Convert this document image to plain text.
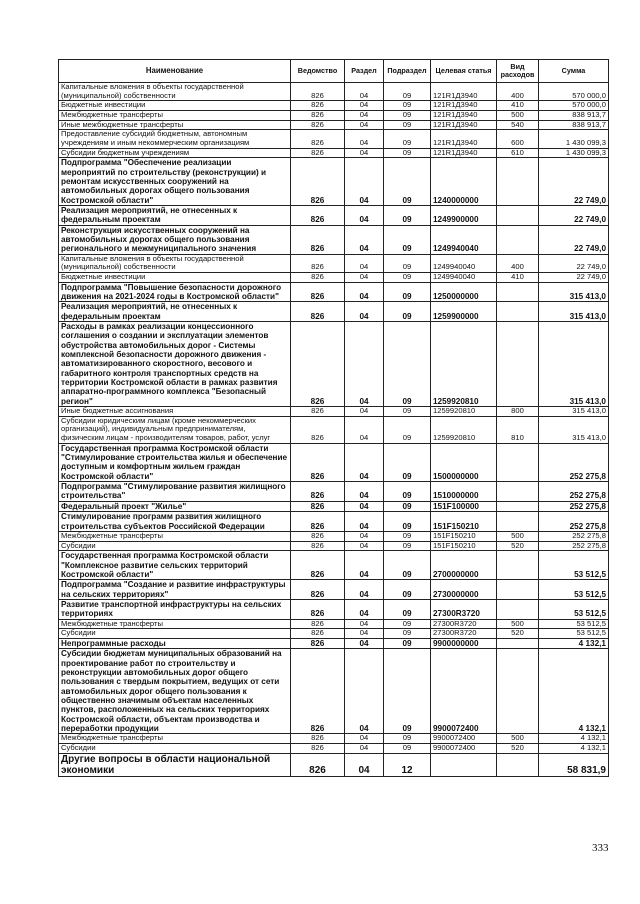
Наименование	Ведомство	Раздел	Подраздел	Целевая статья	Вид расходов	Сумма
Капитальные вложения в объекты государственной (муниципальной) собственности	826	04	09	121R1Д3940	400	570 000,0
Бюджетные инвестиции	826	04	09	121R1Д3940	410	570 000,0
Межбюджетные трансферты	826	04	09	121R1Д3940	500	838 913,7
Иные межбюджетные трансферты	826	04	09	121R1Д3940	540	838 913,7
Предоставление субсидий бюджетным, автономным учреждениям и иным некоммерческим организациям	826	04	09	121R1Д3940	600	1 430 099,3
Субсидии бюджетным учреждениям	826	04	09	121R1Д3940	610	1 430 099,3
Подпрограмма "Обеспечение реализации мероприятий по строительству (реконструкции) и ремонтам искусственных сооружений на автомобильных дорогах общего пользования Костромской области"	826	04	09	1240000000		22 749,0
Реализация мероприятий, не отнесенных к федеральным проектам	826	04	09	1249900000		22 749,0
Реконструкция искусственных сооружений на автомобильных дорогах общего пользования регионального и межмуниципального значения	826	04	09	1249940040		22 749,0
Капитальные вложения в объекты государственной (муниципальной) собственности	826	04	09	1249940040	400	22 749,0
Бюджетные инвестиции	826	04	09	1249940040	410	22 749,0
Подпрограмма "Повышение безопасности дорожного движения на 2021-2024 годы в Костромской области"	826	04	09	1250000000		315 413,0
Реализация мероприятий, не отнесенных к федеральным проектам	826	04	09	1259900000		315 413,0
Расходы в рамках реализации концессионного соглашения о создании и эксплуатации элементов обустройства автомобильных дорог - Системы комплексной безопасности дорожного движения - автоматизированного скоростного, весового и габаритного контроля транспортных средств на территории Костромской области в рамках развития аппаратно-программного комплекса "Безопасный регион"	826	04	09	1259920810		315 413,0
Иные бюджетные ассигнования	826	04	09	1259920810	800	315 413,0
Субсидии юридическим лицам (кроме некоммерческих организаций), индивидуальным предпринимателям, физическим лицам - производителям товаров, работ, услуг	826	04	09	1259920810	810	315 413,0
Государственная программа Костромской области "Стимулирование строительства жилья и обеспечение доступным и комфортным жильем граждан Костромской области"	826	04	09	1500000000		252 275,8
Подпрограмма "Стимулирование развития жилищного строительства"	826	04	09	1510000000		252 275,8
Федеральный проект "Жилье"	826	04	09	151F100000		252 275,8
Стимулирование программ развития жилищного строительства субъектов Российской Федерации	826	04	09	151F150210		252 275,8
Межбюджетные трансферты	826	04	09	151F150210	500	252 275,8
Субсидии	826	04	09	151F150210	520	252 275,8
Государственная программа Костромской области "Комплексное развитие сельских территорий Костромской области"	826	04	09	2700000000		53 512,5
Подпрограмма "Создание и развитие инфраструктуры на сельских территориях"	826	04	09	2730000000		53 512,5
Развитие транспортной инфраструктуры на сельских территориях	826	04	09	27300R3720		53 512,5
Межбюджетные трансферты	826	04	09	27300R3720	500	53 512,5
Субсидии	826	04	09	27300R3720	520	53 512,5
Непрограммные расходы	826	04	09	9900000000		4 132,1
Субсидии бюджетам муниципальных образований на проектирование работ по строительству и реконструкции автомобильных дорог общего пользования с твердым покрытием, ведущих от сети автомобильных дорог общего пользования к общественно значимым объектам населенных пунктов, расположенных на сельских территориях Костромской области, объектам производства и переработки продукции	826	04	09	9900072400		4 132,1
Межбюджетные трансферты	826	04	09	9900072400	500	4 132,1
Субсидии	826	04	09	9900072400	520	4 132,1
Другие вопросы в области национальной экономики	826	04	12			58 831,9
333
